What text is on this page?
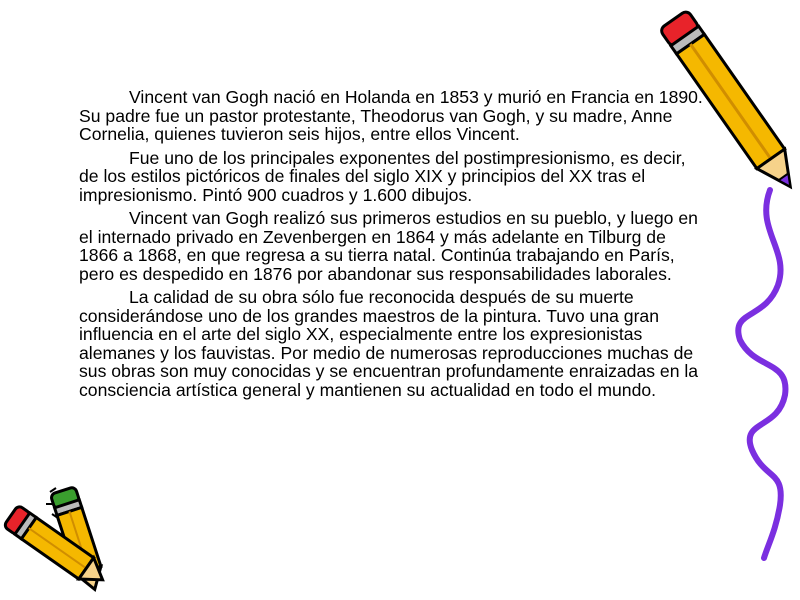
Vincent van Gogh nació en Holanda en 1853 y murió en Francia en 1890. Su padre fue un pastor protestante, Theodorus van Gogh, y su madre, Anne Cornelia, quienes tuvieron seis hijos, entre ellos Vincent.

Fue uno de los principales exponentes del postimpresionismo, es decir, de los estilos pictóricos de finales del siglo XIX y principios del XX tras el impresionismo. Pintó 900 cuadros y 1.600 dibujos.

Vincent van Gogh realizó sus primeros estudios en su pueblo, y luego en el internado privado en Zevenbergen en 1864 y más adelante en Tilburg de 1866 a 1868, en que regresa a su tierra natal. Continúa trabajando en París, pero es despedido en 1876 por abandonar sus responsabilidades laborales.

La calidad de su obra sólo fue reconocida después de su muerte considerándose uno de los grandes maestros de la pintura. Tuvo una gran influencia en el arte del siglo XX, especialmente entre los expresionistas alemanes y los fauvistas. Por medio de numerosas reproducciones muchas de sus obras son muy conocidas y se encuentran profundamente enraizadas en la consciencia artística general y mantienen su actualidad en todo el mundo.
